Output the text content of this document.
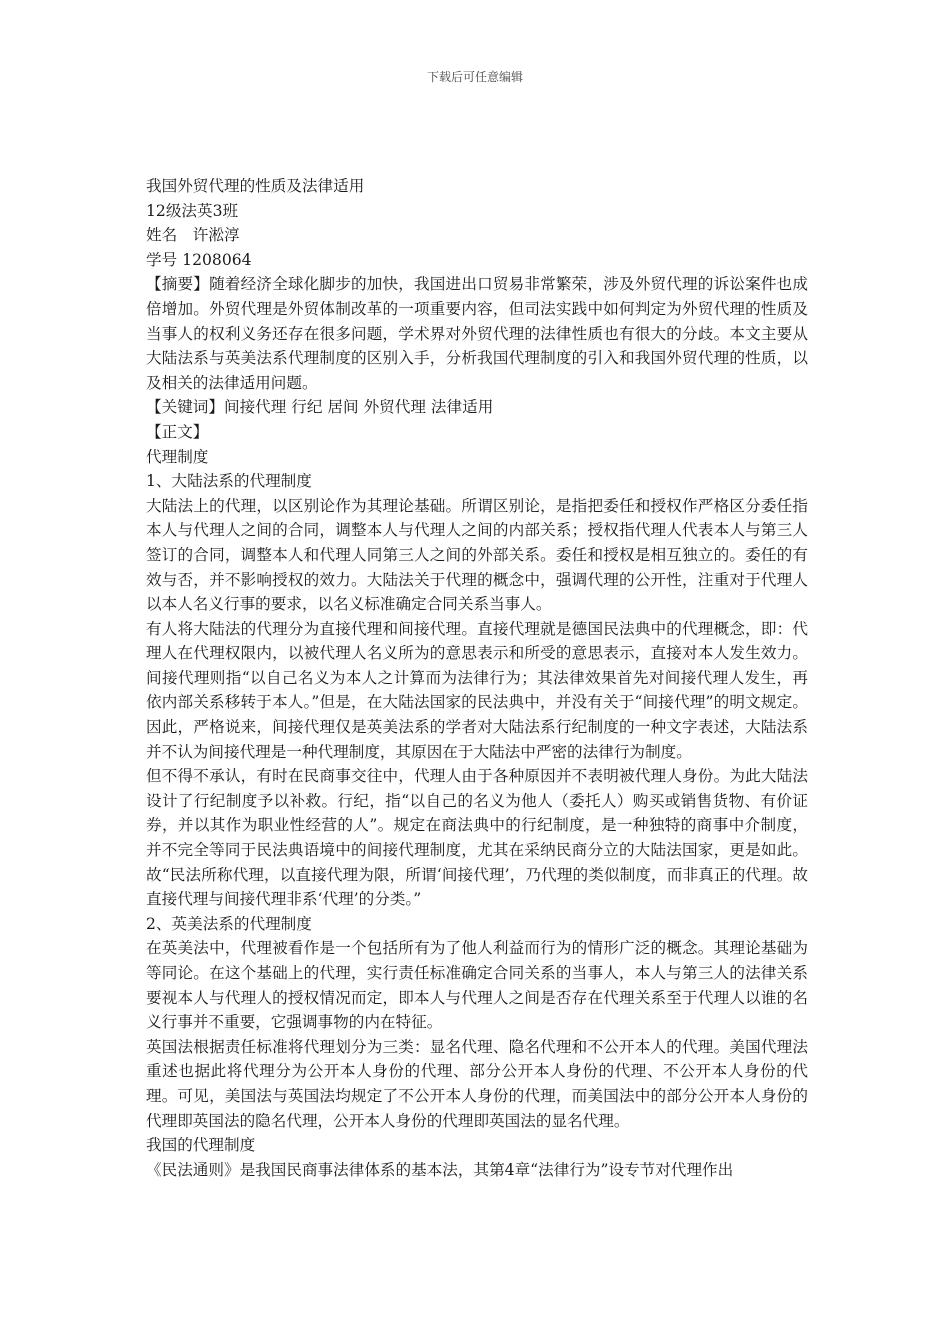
下载后可任意编辑

我国外贸代理的性质及法律适用

12级法英3班

姓名　许淞淳

学号 1208064

【摘要】随着经济全球化脚步的加快，我国进出口贸易非常繁荣，涉及外贸代理的诉讼案件也成倍增加。外贸代理是外贸体制改革的一项重要内容，但司法实践中如何判定为外贸代理的性质及当事人的权利义务还存在很多问题，学术界对外贸代理的法律性质也有很大的分歧。本文主要从大陆法系与英美法系代理制度的区别入手，分析我国代理制度的引入和我国外贸代理的性质，以及相关的法律适用问题。

【关键词】间接代理 行纪 居间 外贸代理 法律适用

【正文】

代理制度

1、大陆法系的代理制度

大陆法上的代理，以区别论作为其理论基础。所谓区别论，是指把委任和授权作严格区分委任指本人与代理人之间的合同，调整本人与代理人之间的内部关系；授权指代理人代表本人与第三人签订的合同，调整本人和代理人同第三人之间的外部关系。委任和授权是相互独立的。委任的有效与否，并不影响授权的效力。大陆法关于代理的概念中，强调代理的公开性，注重对于代理人以本人名义行事的要求，以名义标准确定合同关系当事人。

有人将大陆法的代理分为直接代理和间接代理。直接代理就是德国民法典中的代理概念，即：代理人在代理权限内，以被代理人名义所为的意思表示和所受的意思表示，直接对本人发生效力。间接代理则指“以自己名义为本人之计算而为法律行为；其法律效果首先对间接代理人发生，再依内部关系移转于本人。”但是，在大陆法国家的民法典中，并没有关于“间接代理”的明文规定。因此，严格说来，间接代理仅是英美法系的学者对大陆法系行纪制度的一种文字表述，大陆法系并不认为间接代理是一种代理制度，其原因在于大陆法中严密的法律行为制度。

但不得不承认，有时在民商事交往中，代理人由于各种原因并不表明被代理人身份。为此大陆法设计了行纪制度予以补救。行纪，指“以自己的名义为他人（委托人）购买或销售货物、有价证券，并以其作为职业性经营的人”。规定在商法典中的行纪制度，是一种独特的商事中介制度，并不完全等同于民法典语境中的间接代理制度，尤其在采纳民商分立的大陆法国家，更是如此。故“民法所称代理，以直接代理为限，所谓‘间接代理’，乃代理的类似制度，而非真正的代理。故直接代理与间接代理非系‘代理’的分类。”

2、英美法系的代理制度

在英美法中，代理被看作是一个包括所有为了他人利益而行为的情形广泛的概念。其理论基础为等同论。在这个基础上的代理，实行责任标准确定合同关系的当事人，本人与第三人的法律关系要视本人与代理人的授权情况而定，即本人与代理人之间是否存在代理关系至于代理人以谁的名义行事并不重要，它强调事物的内在特征。

英国法根据责任标准将代理划分为三类：显名代理、隐名代理和不公开本人的代理。美国代理法重述也据此将代理分为公开本人身份的代理、部分公开本人身份的代理、不公开本人身份的代理。可见，美国法与英国法均规定了不公开本人身份的代理，而美国法中的部分公开本人身份的代理即英国法的隐名代理，公开本人身份的代理即英国法的显名代理。

我国的代理制度

《民法通则》是我国民商事法律体系的基本法，其第4章“法律行为”设专节对代理作出
